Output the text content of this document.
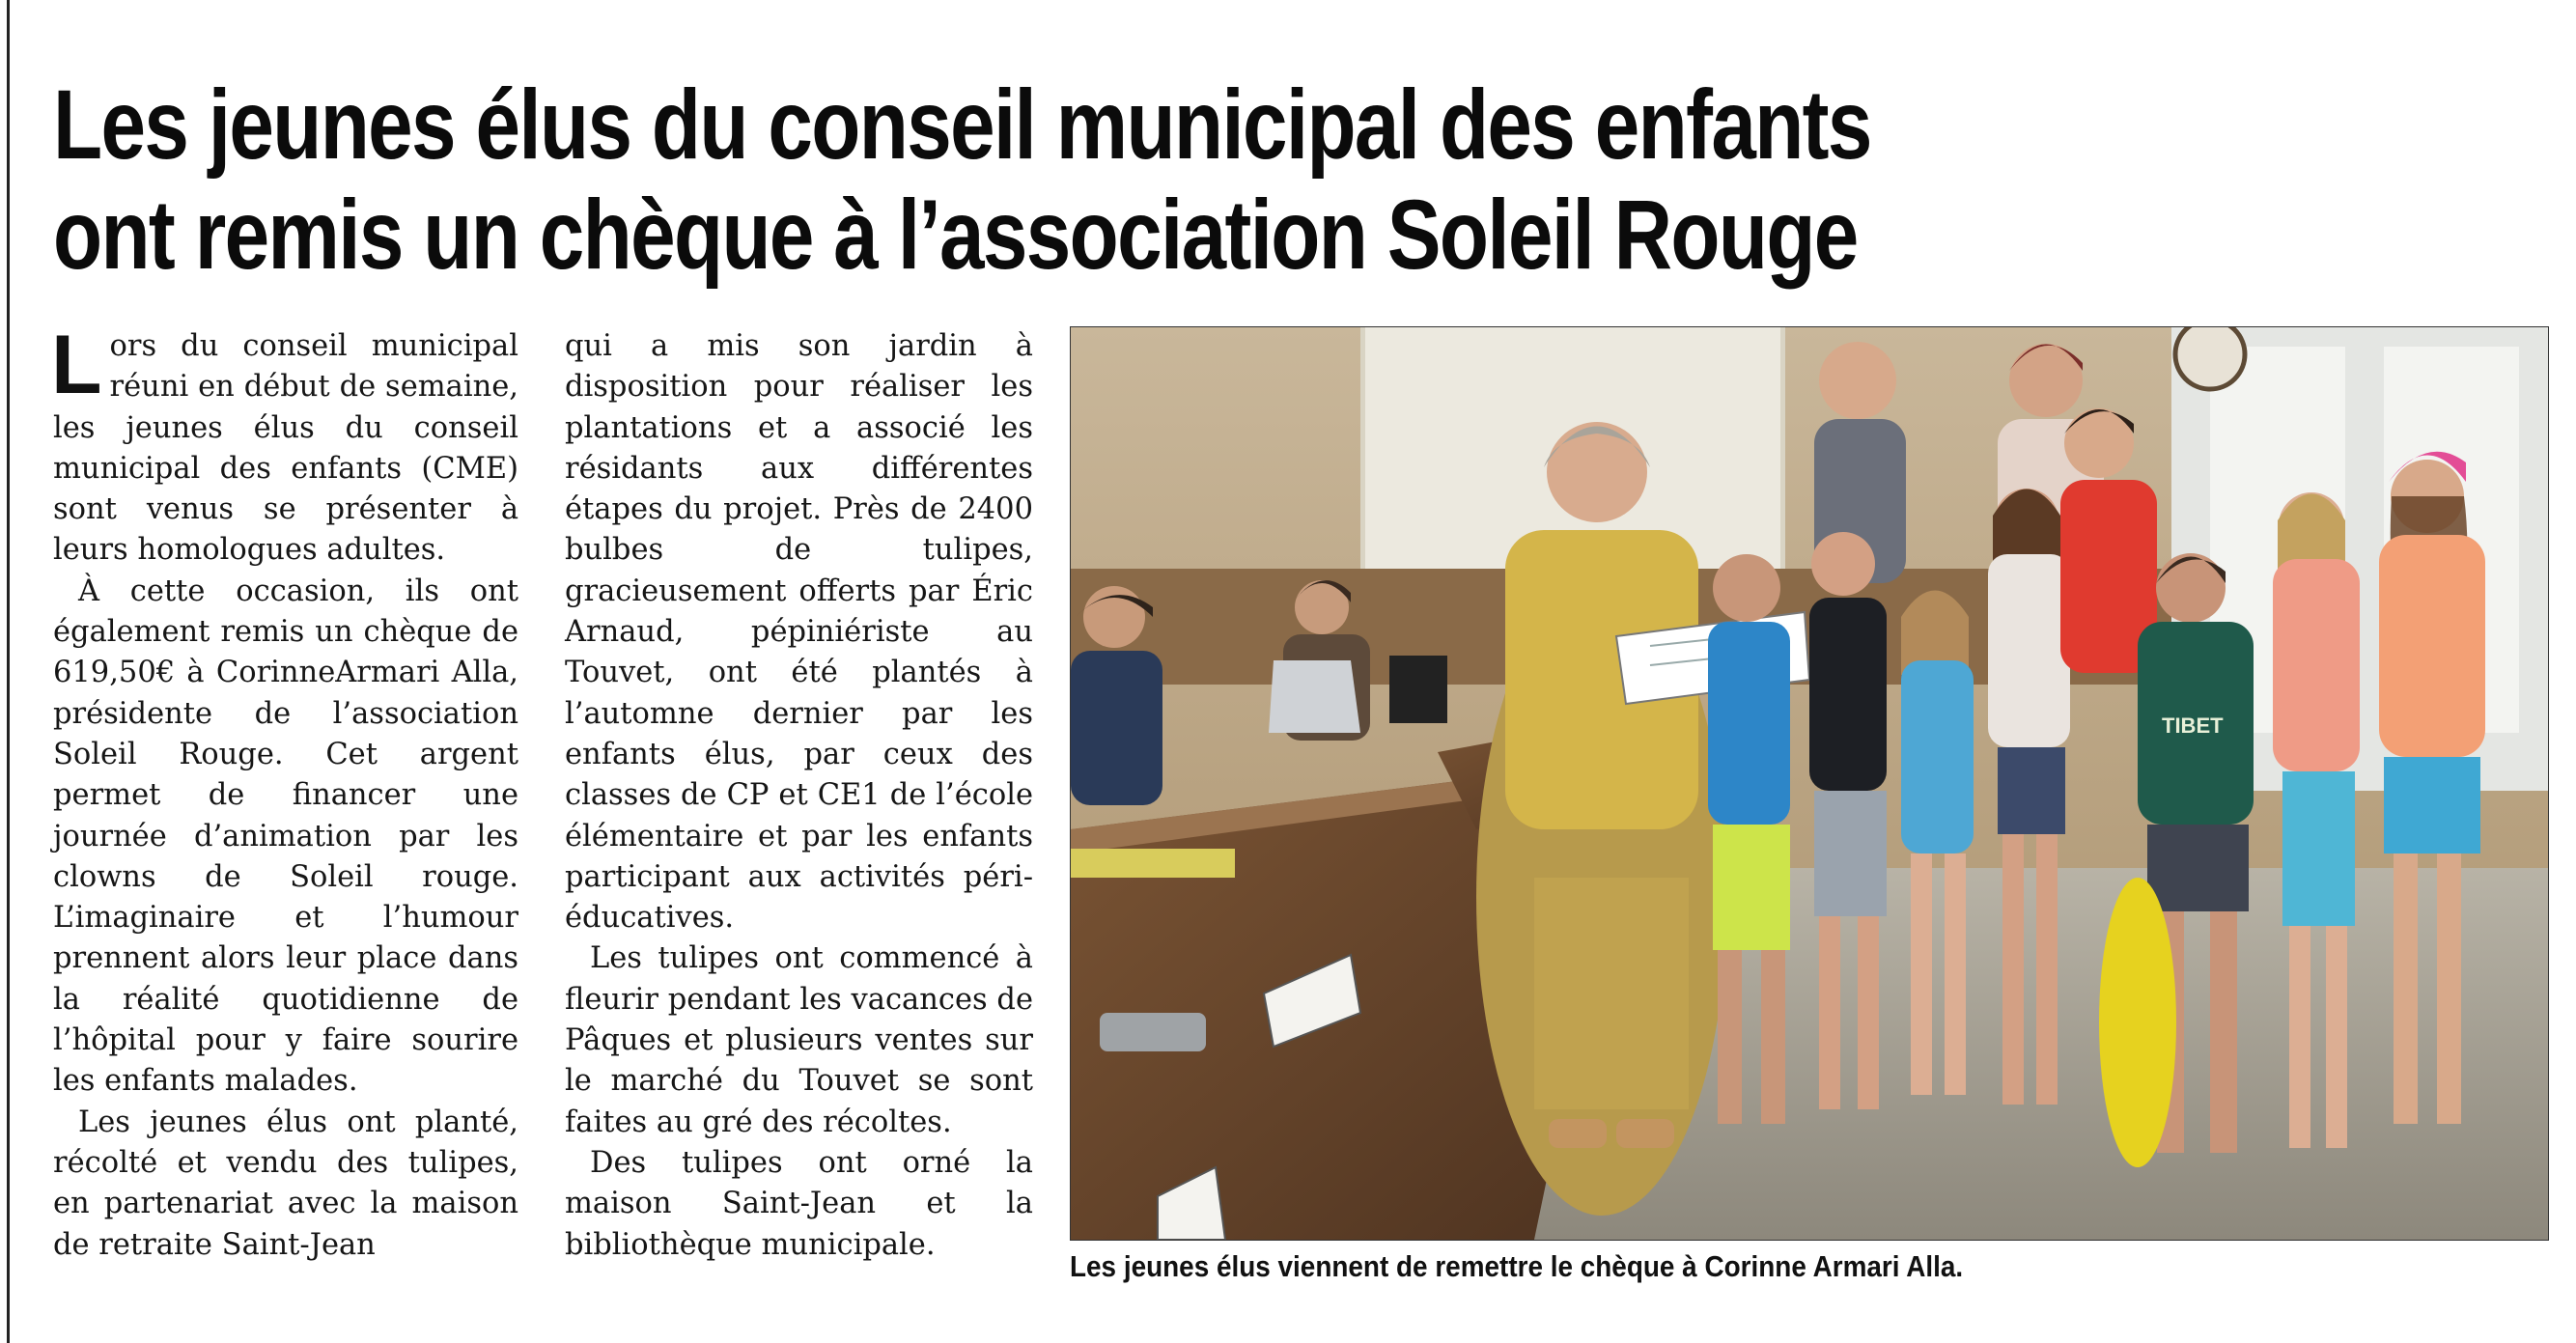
Les jeunes élus du conseil municipal des enfants
ont remis un chèque à l’association Soleil Rouge

Lors du conseil municipal réuni en début de semaine, les jeunes élus du conseil municipal des enfants (CME) sont venus se présenter à leurs homologues adultes.

À cette occasion, ils ont également remis un chèque de 619,50€ à CorinneArmari Alla, présidente de l’association Soleil Rouge. Cet argent permet de financer une journée d’animation par les clowns de Soleil rouge. L’imaginaire et l’humour prennent alors leur place dans la réalité quotidienne de l’hôpital pour y faire sourire les enfants malades.

Les jeunes élus ont planté, récolté et vendu des tulipes, en partenariat avec la maison de retraite Saint-Jean

qui a mis son jardin à disposition pour réaliser les plantations et a associé les résidants aux différentes étapes du projet. Près de 2400 bulbes de tulipes, gracieusement offerts par Éric Arnaud, pépiniériste au Touvet, ont été plantés à l’automne dernier par les enfants élus, par ceux des classes de CP et CE1 de l’école élémentaire et par les enfants participant aux activités péri-éducatives.

Les tulipes ont commencé à fleurir pendant les vacances de Pâques et plusieurs ventes sur le marché du Touvet se sont faites au gré des récoltes.

Des tulipes ont orné la maison Saint-Jean et la bibliothèque municipale.

TIBET
Les jeunes élus viennent de remettre le chèque à Corinne Armari Alla.
